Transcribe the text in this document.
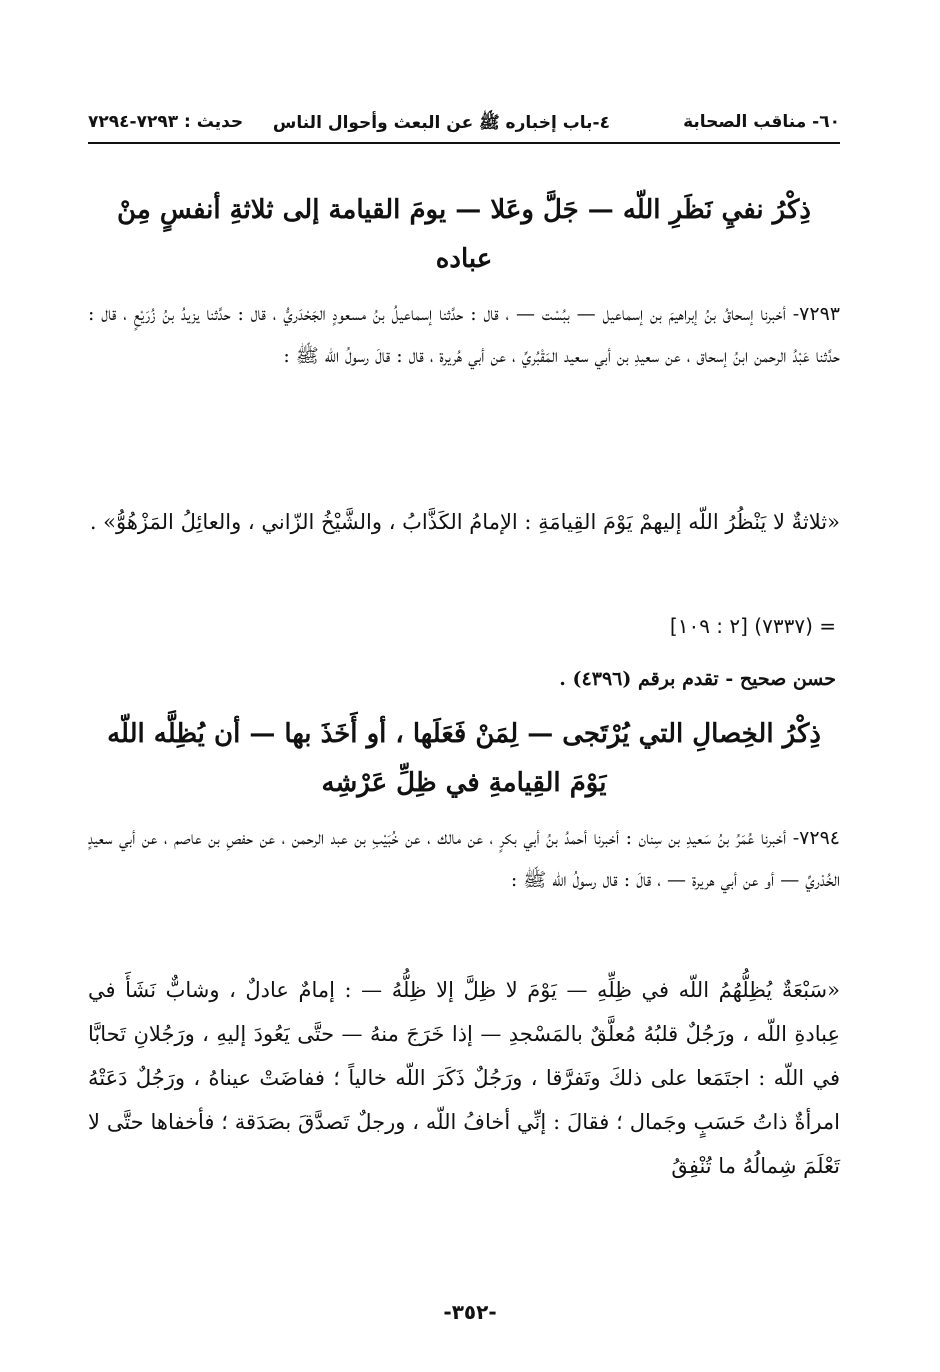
٦٠- مناقب الصحابة
٤-باب إخباره ﷺ عن البعث وأحوال الناس
حديث : ٧٢٩٣-٧٢٩٤
ذِكْرُ نفيِ نَظَرِ اللّه — جَلَّ وعَلا — يومَ القيامة إلى ثلاثةِ أنفسٍ مِنْ عباده
٧٢٩٣- أخبرنا إسحاقُ بنُ إبراهيمَ بن إسماعيل — ببُسْت — ، قال : حدَّثنا إسماعيلُ بنُ مسعودٍ الجَحْدَريُّ ، قال : حدَّثنا يزيدُ بنُ زُرَيْعٍ ، قال : حدَّثنا عَبْدُ الرحمن ابنُ إسحاق ، عن سعيدِ بن أبي سعيد المَقْبُريِّ ، عن أبي هُريرة ، قال : قالَ رسولُ اللّه ﷺ :
«ثلاثةٌ لا يَنْظُرُ اللّه إليهمْ يَوْمَ القِيامَةِ : الإمامُ الكَذَّابُ ، والشَّيْخُ الزّاني ، والعائِلُ المَزْهُوُّ» .
= (٧٣٣٧) [٢ : ١٠٩]
حسن صحيح - تقدم برقم (٤٣٩٦) .
ذِكْرُ الخِصالِ التي يُرْتَجى — لِمَنْ فَعَلَها ، أو أَخَذَ بها — أن يُظِلَّه اللّه يَوْمَ القِيامةِ في ظِلِّ عَرْشِه
٧٢٩٤- أخبرنا عُمَرُ بنُ سَعيدِ بن سِنان : أخبرنا أحمدُ بنُ أبي بكرٍ ، عن مالك ، عن خُبَيْبِ بن عبد الرحمن ، عن حفصِ بن عاصم ، عن أبي سعيدٍ الخُدْريِّ — أو عن أبي هريرة — ، قالَ : قال رسولُ اللّه ﷺ :
«سَبْعَةٌ يُظِلُّهُمُ اللّه في ظِلِّهِ — يَوْمَ لا ظِلَّ إلا ظِلُّهُ — : إمامٌ عادلٌ ، وشابٌّ نَشَأَ في عِبادةِ اللّه ، ورَجُلٌ قلبُهُ مُعلَّقٌ بالمَسْجدِ — إذا خَرَجَ منهُ — حتَّى يَعُودَ إليهِ ، ورَجُلانِ تَحابَّا في اللّه : اجتَمَعا على ذلكَ وتَفرَّقا ، ورَجُلٌ ذَكَرَ اللّه خالياً ؛ ففاضَتْ عيناهُ ، ورَجُلٌ دَعَتْهُ امرأةٌ ذاتُ حَسَبٍ وجَمال ؛ فقالَ : إنِّي أخافُ اللّه ، ورجلٌ تَصدَّقَ بصَدَقة ؛ فأخفاها حتَّى لا تَعْلَمَ شِمالُهُ ما تُنْفِقُ
-٣٥٢-
